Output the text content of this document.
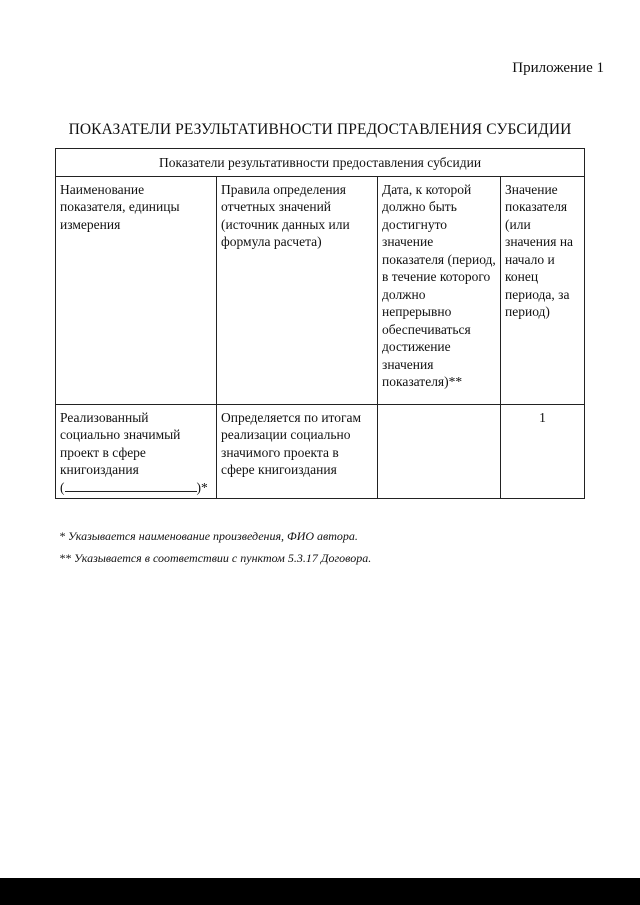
Приложение 1
ПОКАЗАТЕЛИ РЕЗУЛЬТАТИВНОСТИ ПРЕДОСТАВЛЕНИЯ СУБСИДИИ
Показатели результативности предоставления субсидии			
Наименование показателя, единицы измерения	Правила определения отчетных значений (источник данных или формула расчета)	Дата, к которой должно быть достигнуто значение показателя (период, в течение которого должно непрерывно обеспечиваться достижение значения показателя)**	Значение показателя (или значения на начало и конец периода, за период)
Реализованный социально значимый проект в сфере книгоиздания
( )*	Определяется по итогам реализации социально значимого проекта в сфере книгоиздания		1
* Указывается наименование произведения, ФИО автора.
** Указывается в соответствии с пунктом 5.3.17 Договора.
